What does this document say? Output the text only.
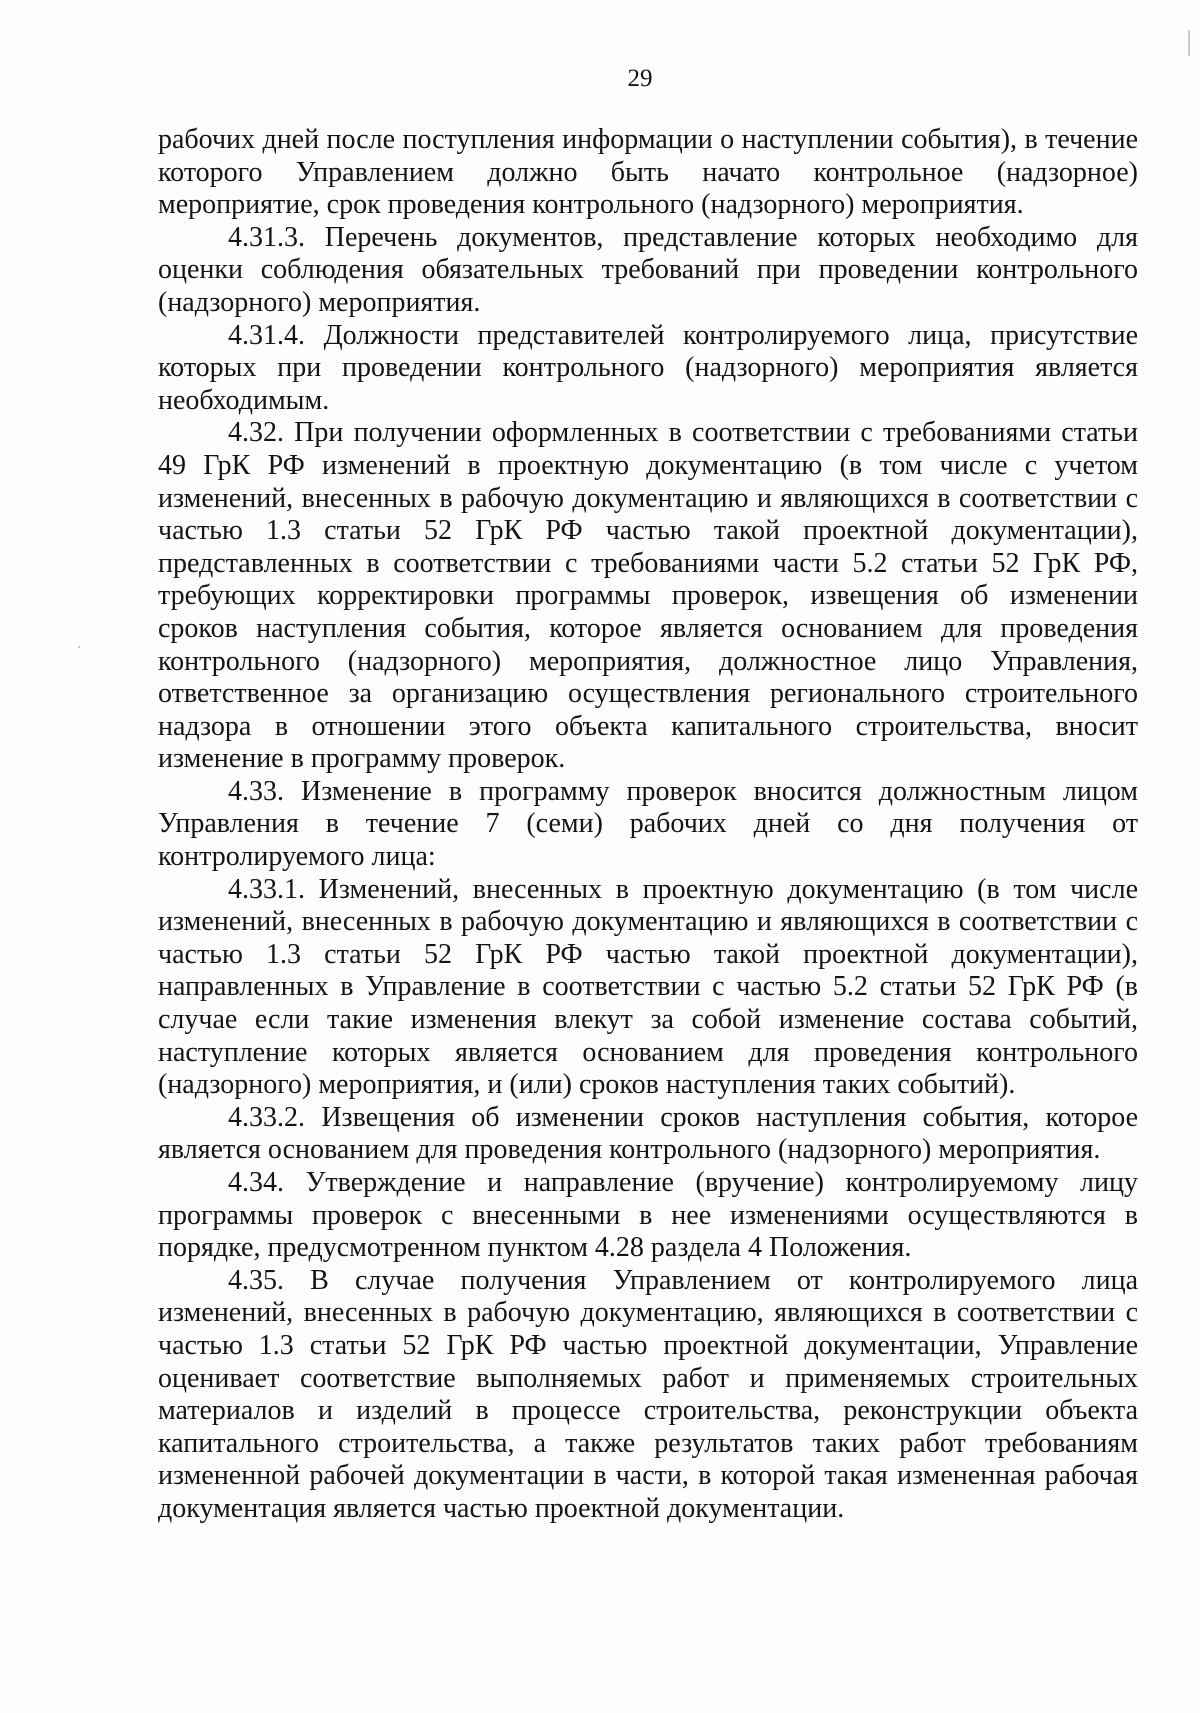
29

рабочих дней после поступления информации о наступлении события), в течение которого Управлением должно быть начато контрольное (надзорное) мероприятие, срок проведения контрольного (надзорного) мероприятия.

4.31.3. Перечень документов, представление которых необходимо для оценки соблюдения обязательных требований при проведении контрольного (надзорного) мероприятия.

4.31.4. Должности представителей контролируемого лица, присутствие которых при проведении контрольного (надзорного) мероприятия является необходимым.

4.32. При получении оформленных в соответствии с требованиями статьи 49 ГрК РФ изменений в проектную документацию (в том числе с учетом изменений, внесенных в рабочую документацию и являющихся в соответствии с частью 1.3 статьи 52 ГрК РФ частью такой проектной документации), представленных в соответствии с требованиями части 5.2 статьи 52 ГрК РФ, требующих корректировки программы проверок, извещения об изменении сроков наступления события, которое является основанием для проведения контрольного (надзорного) мероприятия, должностное лицо Управления, ответственное за организацию осуществления регионального строительного надзора в отношении этого объекта капитального строительства, вносит изменение в программу проверок.

4.33. Изменение в программу проверок вносится должностным лицом Управления в течение 7 (семи) рабочих дней со дня получения от контролируемого лица:

4.33.1. Изменений, внесенных в проектную документацию (в том числе изменений, внесенных в рабочую документацию и являющихся в соответствии с частью 1.3 статьи 52 ГрК РФ частью такой проектной документации), направленных в Управление в соответствии с частью 5.2 статьи 52 ГрК РФ (в случае если такие изменения влекут за собой изменение состава событий, наступление которых является основанием для проведения контрольного (надзорного) мероприятия, и (или) сроков наступления таких событий).

4.33.2. Извещения об изменении сроков наступления события, которое является основанием для проведения контрольного (надзорного) мероприятия.

4.34. Утверждение и направление (вручение) контролируемому лицу программы проверок с внесенными в нее изменениями осуществляются в порядке, предусмотренном пунктом 4.28 раздела 4 Положения.

4.35. В случае получения Управлением от контролируемого лица изменений, внесенных в рабочую документацию, являющихся в соответствии с частью 1.3 статьи 52 ГрК РФ частью проектной документации, Управление оценивает соответствие выполняемых работ и применяемых строительных материалов и изделий в процессе строительства, реконструкции объекта капитального строительства, а также результатов таких работ требованиям измененной рабочей документации в части, в которой такая измененная рабочая документация является частью проектной документации.
